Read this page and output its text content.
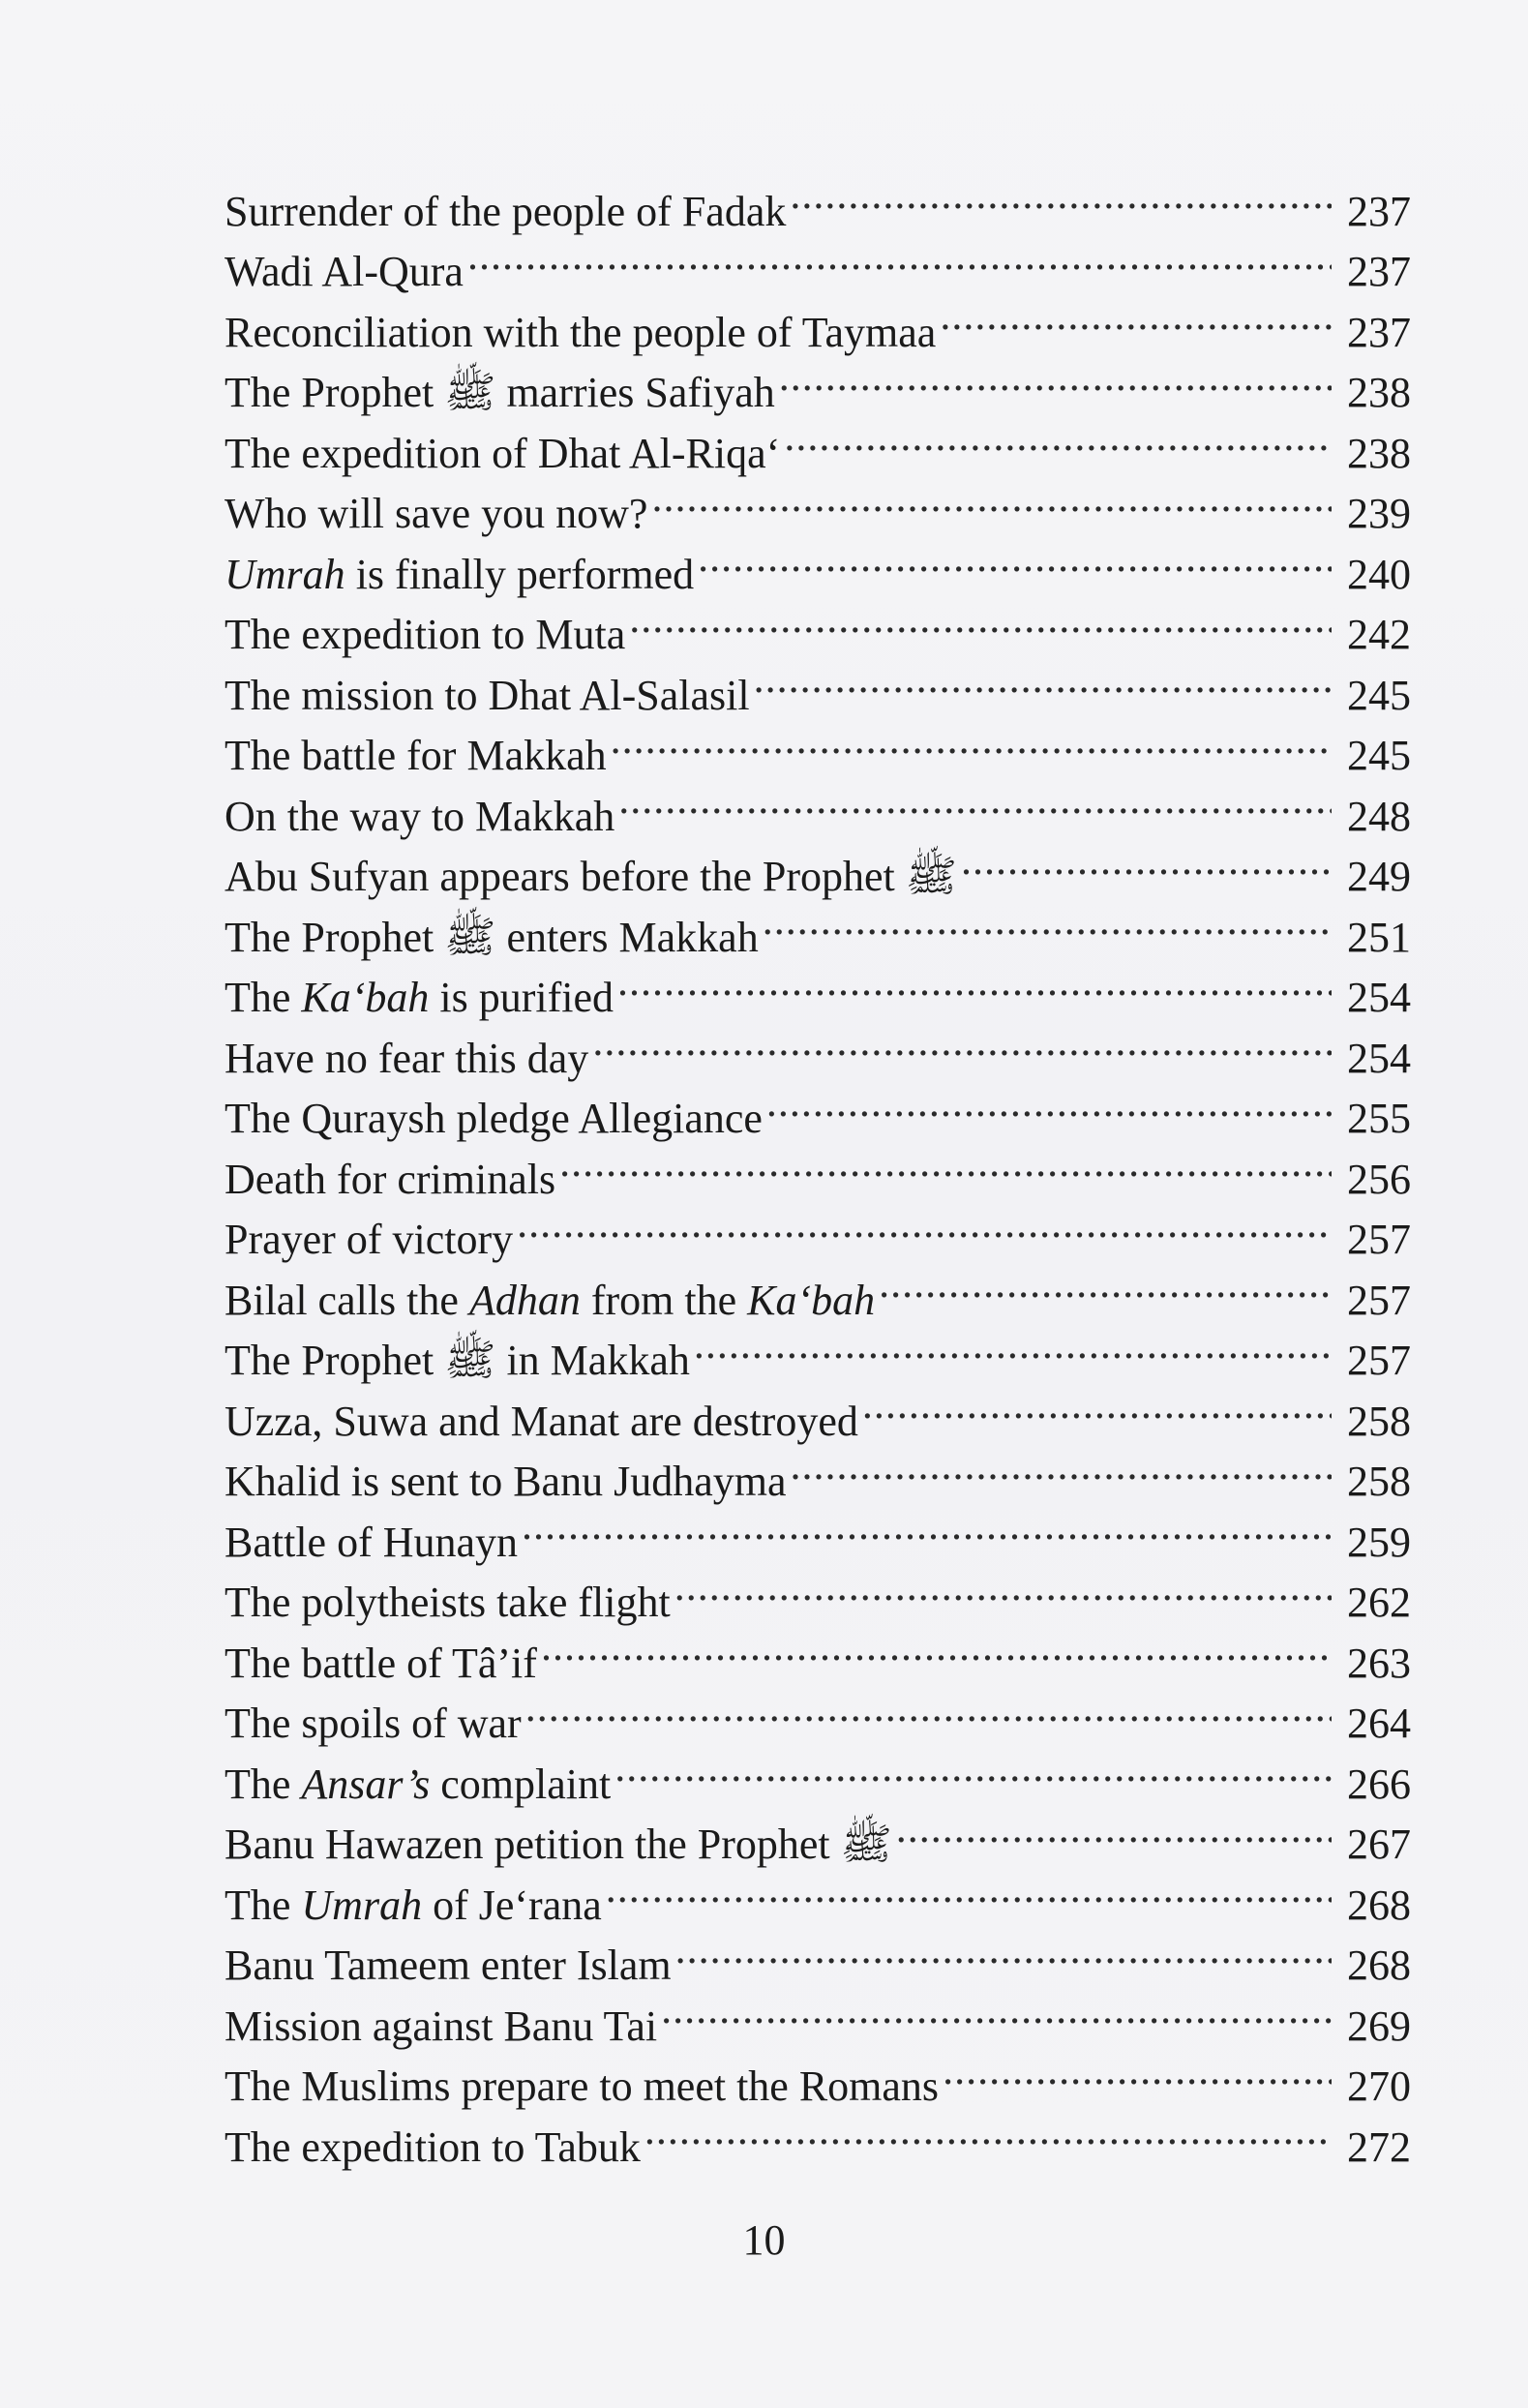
Surrender of the people of Fadak .....	237
Wadi Al-Qura .....	237
Reconciliation with the people of Taymaa .....	237
The Prophet ﷺ marries Safiyah .....	238
The expedition of Dhat Al-Riqa‘ .....	238
Who will save you now? .....	239
Umrah is finally performed .....	240
The expedition to Muta .....	242
The mission to Dhat Al-Salasil .....	245
The battle for Makkah .....	245
On the way to Makkah .....	248
Abu Sufyan appears before the Prophet ﷺ .....	249
The Prophet ﷺ enters Makkah .....	251
The Ka‘bah is purified .....	254
Have no fear this day .....	254
The Quraysh pledge Allegiance .....	255
Death for criminals .....	256
Prayer of victory .....	257
Bilal calls the Adhan from the Ka‘bah .....	257
The Prophet ﷺ in Makkah .....	257
Uzza, Suwa and Manat are destroyed .....	258
Khalid is sent to Banu Judhayma .....	258
Battle of Hunayn .....	259
The polytheists take flight .....	262
The battle of Tâ’if .....	263
The spoils of war .....	264
The Ansar’s complaint .....	266
Banu Hawazen petition the Prophet ﷺ .....	267
The Umrah of Je‘rana .....	268
Banu Tameem enter Islam .....	268
Mission against Banu Tai .....	269
The Muslims prepare to meet the Romans .....	270
The expedition to Tabuk .....	272
10
